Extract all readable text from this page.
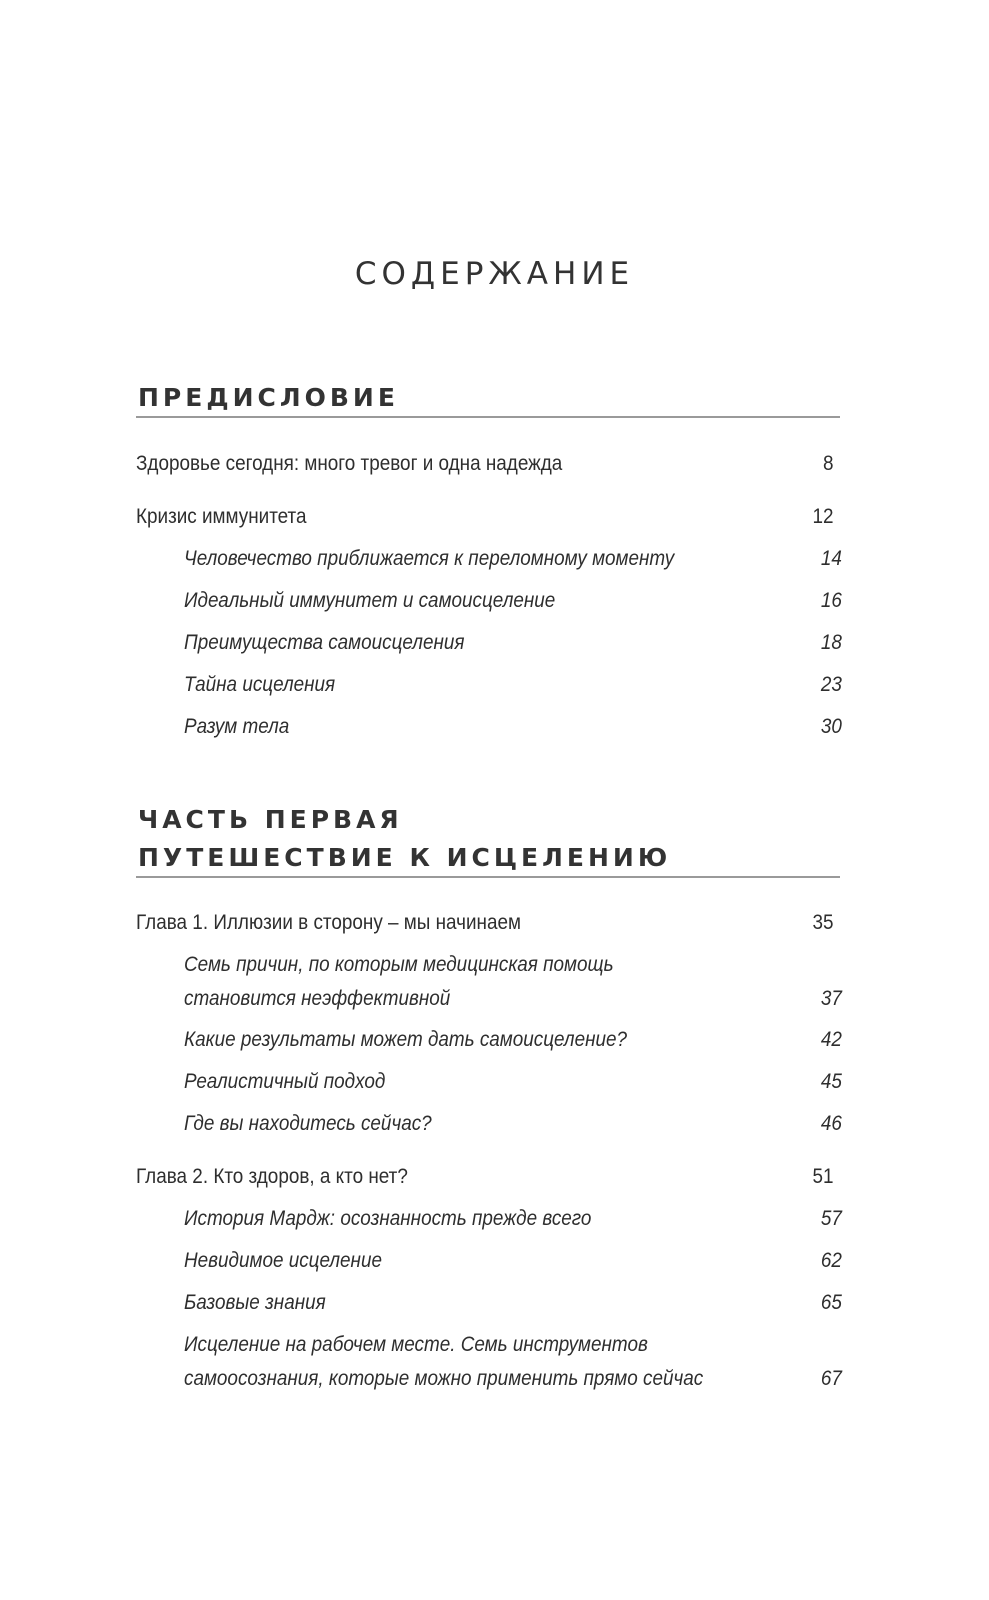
СОДЕРЖАНИЕ
ПРЕДИСЛОВИЕ
Здоровье сегодня: много тревог и одна надежда	8
Кризис иммунитета	12
Человечество приближается к переломному моменту	14
Идеальный иммунитет и самоисцеление	16
Преимущества самоисцеления	18
Тайна исцеления	23
Разум тела	30
ЧАСТЬ ПЕРВАЯ
ПУТЕШЕСТВИЕ К ИСЦЕЛЕНИЮ
Глава 1. Иллюзии в сторону – мы начинаем	35
Семь причин, по которым медицинская помощь
становится неэффективной	37
Какие результаты может дать самоисцеление?	42
Реалистичный подход	45
Где вы находитесь сейчас?	46
Глава 2. Кто здоров, а кто нет?	51
История Мардж: осознанность прежде всего	57
Невидимое исцеление	62
Базовые знания	65
Исцеление на рабочем месте. Семь инструментов
самоосознания, которые можно применить прямо сейчас	67
